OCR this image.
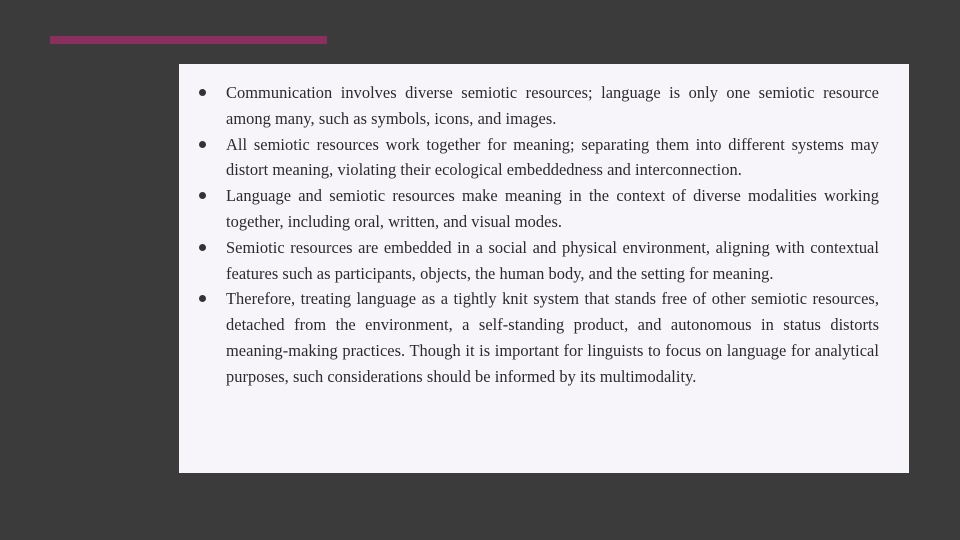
Communication involves diverse semiotic resources; language is only one semiotic resource among many, such as symbols, icons, and images.
All semiotic resources work together for meaning; separating them into different systems may distort meaning, violating their ecological embeddedness and interconnection.
Language and semiotic resources make meaning in the context of diverse modalities working together, including oral, written, and visual modes.
Semiotic resources are embedded in a social and physical environment, aligning with contextual features such as participants, objects, the human body, and the setting for meaning.
Therefore, treating language as a tightly knit system that stands free of other semiotic resources, detached from the environment, a self-standing product, and autonomous in status distorts meaning-making practices. Though it is important for linguists to focus on language for analytical purposes, such considerations should be informed by its multimodality.
